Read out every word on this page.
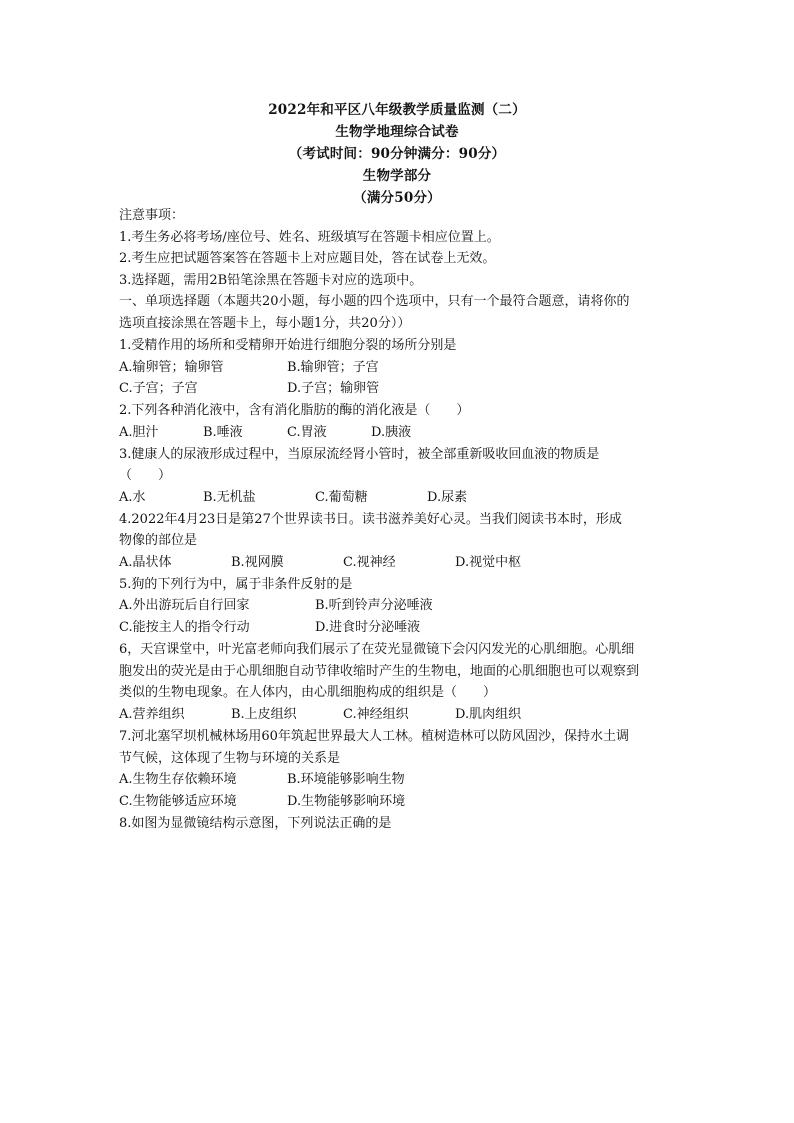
2022年和平区八年级教学质量监测（二）
生物学地理综合试卷
（考试时间：90分钟满分：90分）
生物学部分
（满分50分）
注意事项：
1.考生务必将考场/座位号、姓名、班级填写在答题卡相应位置上。
2.考生应把试题答案答在答题卡上对应题目处，答在试卷上无效。
3.选择题，需用2B铅笔涂黑在答题卡对应的选项中。
一、单项选择题（本题共20小题，每小题的四个选项中，只有一个最符合题意，请将你的
选项直接涂黑在答题卡上，每小题1分，共20分））
1.受精作用的场所和受精卵开始进行细胞分裂的场所分别是
A.输卵管；输卵管	B.输卵管；子宫
C.子宫；子宫	D.子宫；输卵管
2.下列各种消化液中，含有消化脂肪的酶的消化液是（　　）
A.胆汁	B.唾液	C.胃液	D.胰液
3.健康人的尿液形成过程中，当原尿流经肾小管时，被全部重新吸收回血液的物质是
（　　）
A.水	B.无机盐	C.葡萄糖	D.尿素
4.2022年4月23日是第27个世界读书日。读书滋养美好心灵。当我们阅读书本时，形成
物像的部位是
A.晶状体	B.视网膜	C.视神经	D.视觉中枢
5.狗的下列行为中，属于非条件反射的是
A.外出游玩后自行回家	B.听到铃声分泌唾液
C.能按主人的指令行动	D.进食时分泌唾液
6，天宫课堂中，叶光富老师向我们展示了在荧光显微镜下会闪闪发光的心肌细胞。心肌细
胞发出的荧光是由于心肌细胞自动节律收缩时产生的生物电，地面的心肌细胞也可以观察到
类似的生物电现象。在人体内，由心肌细胞构成的组织是（　　）
A.营养组织	B.上皮组织	C.神经组织	D.肌肉组织
7.河北塞罕坝机械林场用60年筑起世界最大人工林。植树造林可以防风固沙，保持水土调
节气候，这体现了生物与环境的关系是
A.生物生存依赖环境	B.环境能够影响生物
C.生物能够适应环境	D.生物能够影响环境
8.如图为显微镜结构示意图，下列说法正确的是
